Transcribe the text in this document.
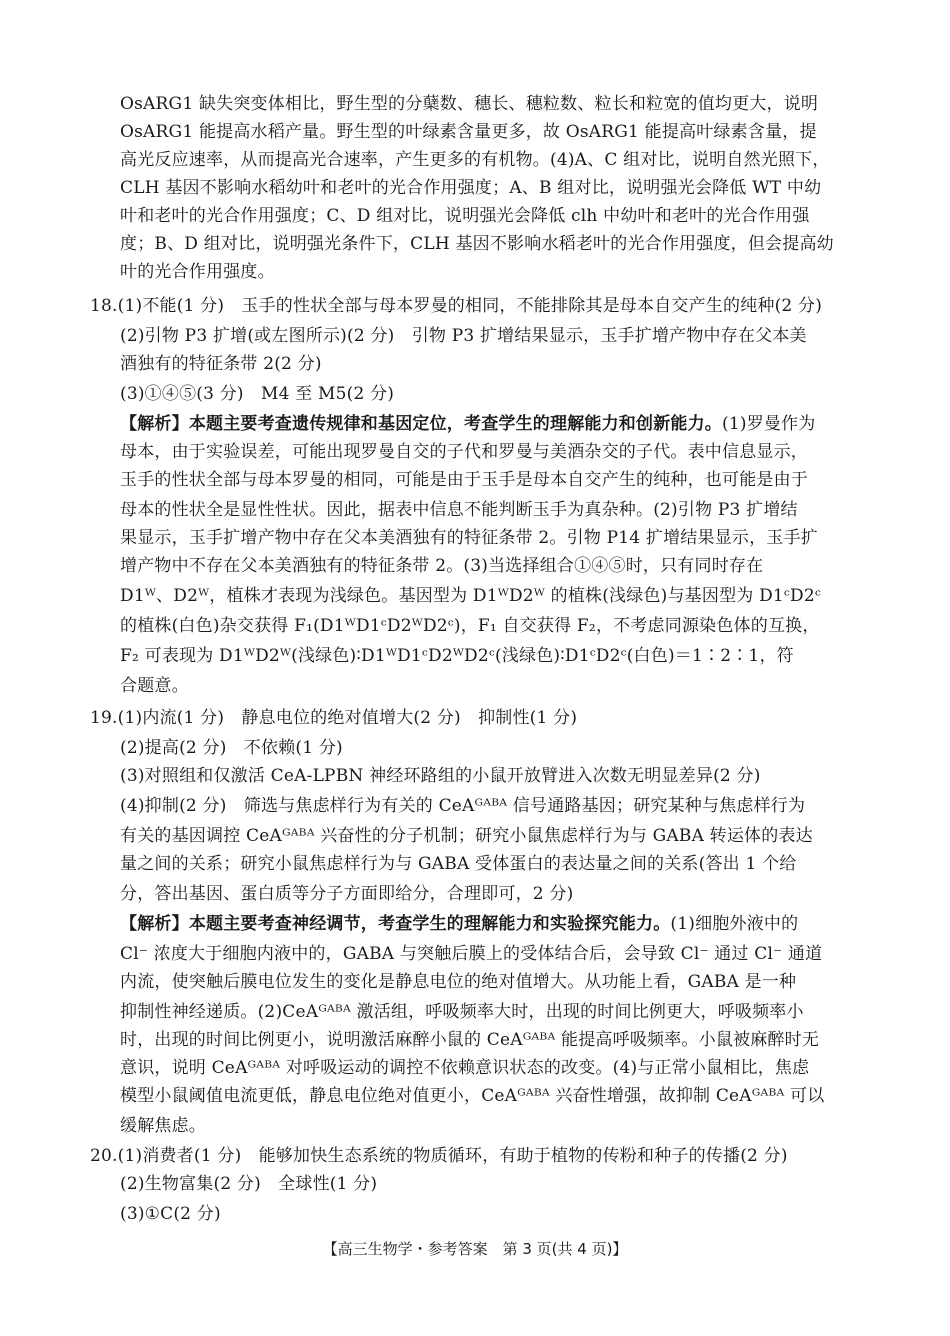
OsARG1 缺失突变体相比，野生型的分蘖数、穗长、穗粒数、粒长和粒宽的值均更大，说明
OsARG1 能提高水稻产量。野生型的叶绿素含量更多，故 OsARG1 能提高叶绿素含量，提
高光反应速率，从而提高光合速率，产生更多的有机物。(4)A、C 组对比，说明自然光照下，
CLH 基因不影响水稻幼叶和老叶的光合作用强度；A、B 组对比，说明强光会降低 WT 中幼
叶和老叶的光合作用强度；C、D 组对比，说明强光会降低 clh 中幼叶和老叶的光合作用强
度；B、D 组对比，说明强光条件下，CLH 基因不影响水稻老叶的光合作用强度，但会提高幼
叶的光合作用强度。
18.(1)不能(1 分)　玉手的性状全部与母本罗曼的相同，不能排除其是母本自交产生的纯种(2 分)
(2)引物 P3 扩增(或左图所示)(2 分)　引物 P3 扩增结果显示，玉手扩增产物中存在父本美
酒独有的特征条带 2(2 分)
(3)①④⑤(3 分)　M4 至 M5(2 分)
【解析】本题主要考查遗传规律和基因定位，考查学生的理解能力和创新能力。(1)罗曼作为
母本，由于实验误差，可能出现罗曼自交的子代和罗曼与美酒杂交的子代。表中信息显示，
玉手的性状全部与母本罗曼的相同，可能是由于玉手是母本自交产生的纯种，也可能是由于
母本的性状全是显性性状。因此，据表中信息不能判断玉手为真杂种。(2)引物 P3 扩增结
果显示，玉手扩增产物中存在父本美酒独有的特征条带 2。引物 P14 扩增结果显示，玉手扩
增产物中不存在父本美酒独有的特征条带 2。(3)当选择组合①④⑤时，只有同时存在
D1ᵂ、D2ᵂ，植株才表现为浅绿色。基因型为 D1ᵂD2ᵂ 的植株(浅绿色)与基因型为 D1ᶜD2ᶜ
的植株(白色)杂交获得 F₁(D1ᵂD1ᶜD2ᵂD2ᶜ)，F₁ 自交获得 F₂，不考虑同源染色体的互换，
F₂ 可表现为 D1ᵂD2ᵂ(浅绿色)∶D1ᵂD1ᶜD2ᵂD2ᶜ(浅绿色)∶D1ᶜD2ᶜ(白色)＝1∶2∶1，符
合题意。
19.(1)内流(1 分)　静息电位的绝对值增大(2 分)　抑制性(1 分)
(2)提高(2 分)　不依赖(1 分)
(3)对照组和仅激活 CeA-LPBN 神经环路组的小鼠开放臂进入次数无明显差异(2 分)
(4)抑制(2 分)　筛选与焦虑样行为有关的 CeAᴳᴬᴮᴬ 信号通路基因；研究某种与焦虑样行为
有关的基因调控 CeAᴳᴬᴮᴬ 兴奋性的分子机制；研究小鼠焦虑样行为与 GABA 转运体的表达
量之间的关系；研究小鼠焦虑样行为与 GABA 受体蛋白的表达量之间的关系(答出 1 个给
分，答出基因、蛋白质等分子方面即给分，合理即可，2 分)
【解析】本题主要考查神经调节，考查学生的理解能力和实验探究能力。(1)细胞外液中的
Cl⁻ 浓度大于细胞内液中的，GABA 与突触后膜上的受体结合后，会导致 Cl⁻ 通过 Cl⁻ 通道
内流，使突触后膜电位发生的变化是静息电位的绝对值增大。从功能上看，GABA 是一种
抑制性神经递质。(2)CeAᴳᴬᴮᴬ 激活组，呼吸频率大时，出现的时间比例更大，呼吸频率小
时，出现的时间比例更小，说明激活麻醉小鼠的 CeAᴳᴬᴮᴬ 能提高呼吸频率。小鼠被麻醉时无
意识，说明 CeAᴳᴬᴮᴬ 对呼吸运动的调控不依赖意识状态的改变。(4)与正常小鼠相比，焦虑
模型小鼠阈值电流更低，静息电位绝对值更小，CeAᴳᴬᴮᴬ 兴奋性增强，故抑制 CeAᴳᴬᴮᴬ 可以
缓解焦虑。
20.(1)消费者(1 分)　能够加快生态系统的物质循环，有助于植物的传粉和种子的传播(2 分)
(2)生物富集(2 分)　全球性(1 分)
(3)①C(2 分)
【高三生物学・参考答案　第 3 页(共 4 页)】
